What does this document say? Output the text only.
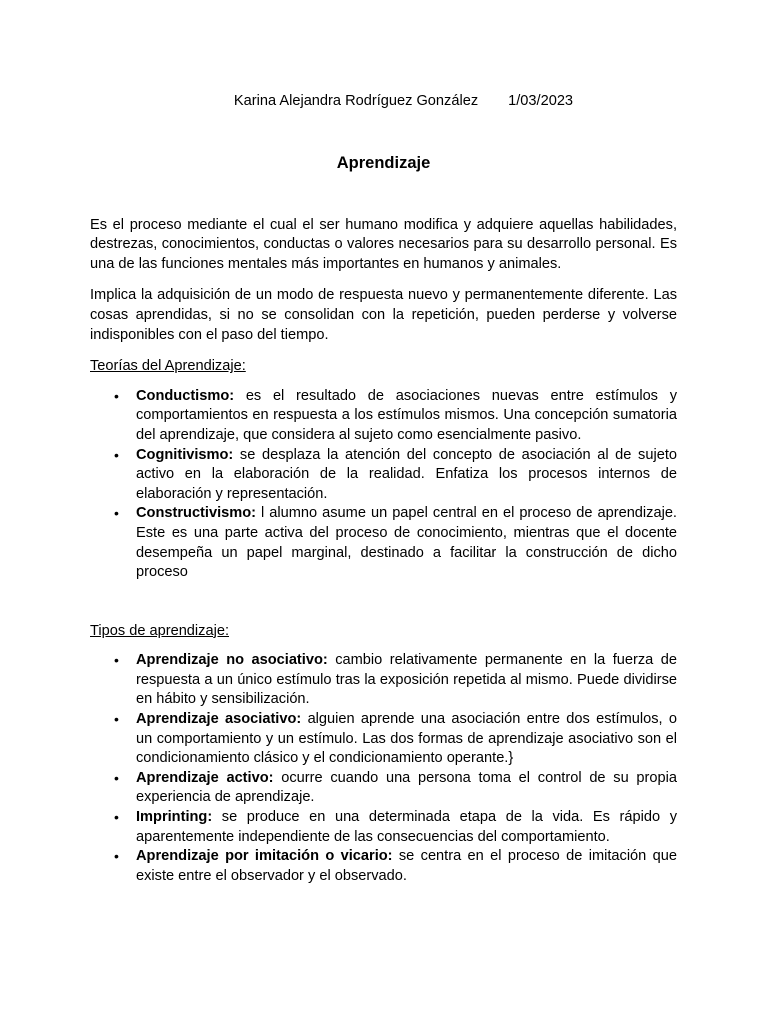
Karina Alejandra Rodríguez González 1/03/2023

Aprendizaje

Es el proceso mediante el cual el ser humano modifica y adquiere aquellas habilidades, destrezas, conocimientos, conductas o valores necesarios para su desarrollo personal. Es una de las funciones mentales más importantes en humanos y animales.

Implica la adquisición de un modo de respuesta nuevo y permanentemente diferente. Las cosas aprendidas, si no se consolidan con la repetición, pueden perderse y volverse indisponibles con el paso del tiempo.

Teorías del Aprendizaje:

• Conductismo: es el resultado de asociaciones nuevas entre estímulos y comportamientos en respuesta a los estímulos mismos. Una concepción sumatoria del aprendizaje, que considera al sujeto como esencialmente pasivo.
• Cognitivismo: se desplaza la atención del concepto de asociación al de sujeto activo en la elaboración de la realidad. Enfatiza los procesos internos de elaboración y representación.
• Constructivismo: l alumno asume un papel central en el proceso de aprendizaje. Este es una parte activa del proceso de conocimiento, mientras que el docente desempeña un papel marginal, destinado a facilitar la construcción de dicho proceso

Tipos de aprendizaje:

• Aprendizaje no asociativo: cambio relativamente permanente en la fuerza de respuesta a un único estímulo tras la exposición repetida al mismo. Puede dividirse en hábito y sensibilización.
• Aprendizaje asociativo: alguien aprende una asociación entre dos estímulos, o un comportamiento y un estímulo. Las dos formas de aprendizaje asociativo son el condicionamiento clásico y el condicionamiento operante.}
• Aprendizaje activo: ocurre cuando una persona toma el control de su propia experiencia de aprendizaje.
• Imprinting: se produce en una determinada etapa de la vida. Es rápido y aparentemente independiente de las consecuencias del comportamiento.
• Aprendizaje por imitación o vicario: se centra en el proceso de imitación que existe entre el observador y el observado.
